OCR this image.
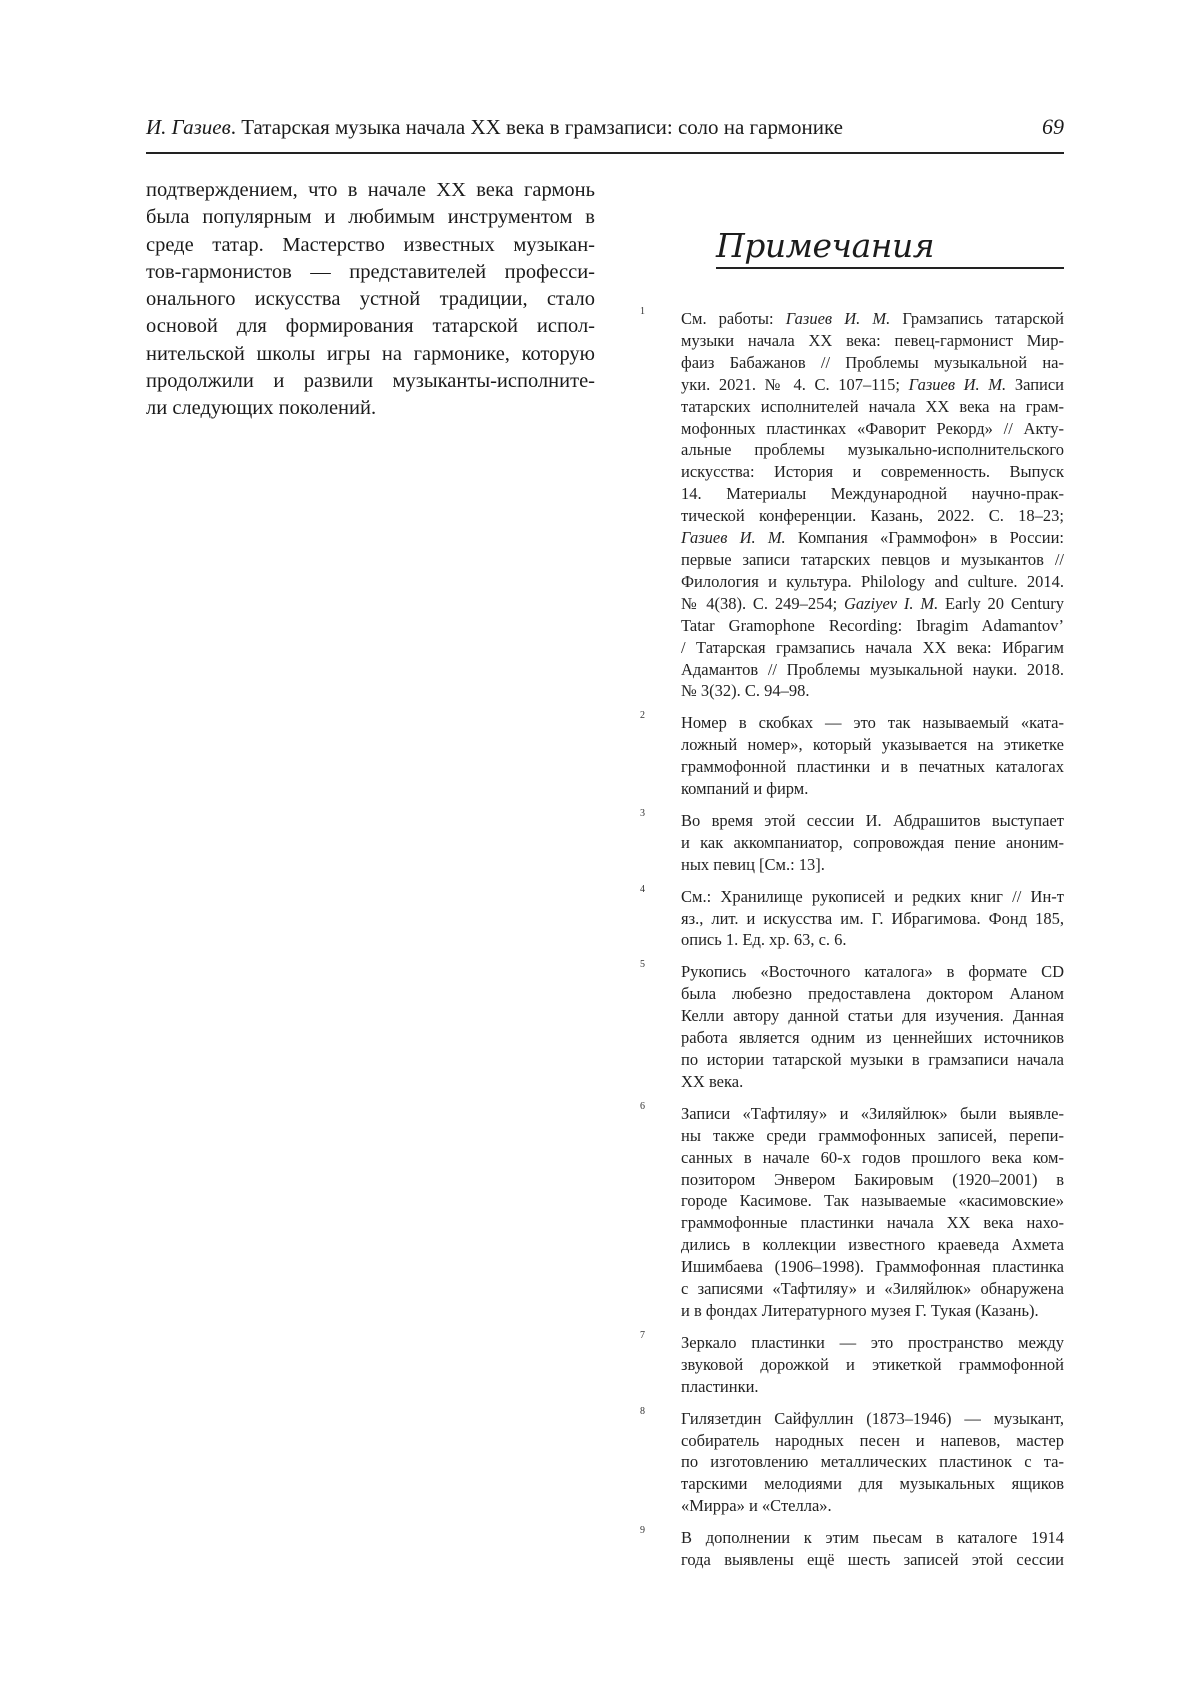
И. Газиев. Татарская музыка начала XX века в грамзаписи: соло на гармонике	69

подтверждением, что в начале XX века гармонь
была популярным и любимым инструментом в
среде татар. Мастерство известных музыкан-
тов-гармонистов — представителей професси-
онального искусства устной традиции, стало
основой для формирования татарской испол-
нительской школы игры на гармонике, которую
продолжили и развили музыканты-исполните-
ли следующих поколений.

Примечания
1 См. работы: Газиев И. М. Грамзапись татарской
музыки начала XX века: певец-гармонист Мир-
фаиз Бабажанов // Проблемы музыкальной на-
уки. 2021. № 4. С. 107–115; Газиев И. М. Записи
татарских исполнителей начала XX века на грам-
мофонных пластинках «Фаворит Рекорд» // Акту-
альные проблемы музыкально-исполнительского
искусства: История и современность. Выпуск
14. Материалы Международной научно-прак-
тической конференции. Казань, 2022. С. 18–23;
Газиев И. М. Компания «Граммофон» в России:
первые записи татарских певцов и музыкантов //
Филология и культура. Philology and culture. 2014.
№ 4(38). С. 249–254; Gaziyev I. M. Early 20 Century
Tatar Gramophone Recording: Ibragim Adamantov’
/ Татарская грамзапись начала XX века: Ибрагим
Адамантов // Проблемы музыкальной науки. 2018.
№ 3(32). С. 94–98.
2 Номер в скобках — это так называемый «ката-
ложный номер», который указывается на этикетке
граммофонной пластинки и в печатных каталогах
компаний и фирм.
3 Во время этой сессии И. Абдрашитов выступает
и как аккомпаниатор, сопровождая пение аноним-
ных певиц [См.: 13].
4 См.: Хранилище рукописей и редких книг // Ин-т
яз., лит. и искусства им. Г. Ибрагимова. Фонд 185,
опись 1. Ед. хр. 63, с. 6.
5 Рукопись «Восточного каталога» в формате CD
была любезно предоставлена доктором Аланом
Келли автору данной статьи для изучения. Данная
работа является одним из ценнейших источников
по истории татарской музыки в грамзаписи начала
XX века.
6 Записи «Тафтиляу» и «Зиляйлюк» были выявле-
ны также среди граммофонных записей, перепи-
санных в начале 60-х годов прошлого века ком-
позитором Энвером Бакировым (1920–2001) в
городе Касимове. Так называемые «касимовские»
граммофонные пластинки начала XX века нахо-
дились в коллекции известного краеведа Ахмета
Ишимбаева (1906–1998). Граммофонная пластинка
с записями «Тафтиляу» и «Зиляйлюк» обнаружена
и в фондах Литературного музея Г. Тукая (Казань).
7 Зеркало пластинки — это пространство между
звуковой дорожкой и этикеткой граммофонной
пластинки.
8 Гилязетдин Сайфуллин (1873–1946) — музыкант,
собиратель народных песен и напевов, мастер
по изготовлению металлических пластинок с та-
тарскими мелодиями для музыкальных ящиков
«Мирра» и «Стелла».
9 В дополнении к этим пьесам в каталоге 1914
года выявлены ещё шесть записей этой сессии
